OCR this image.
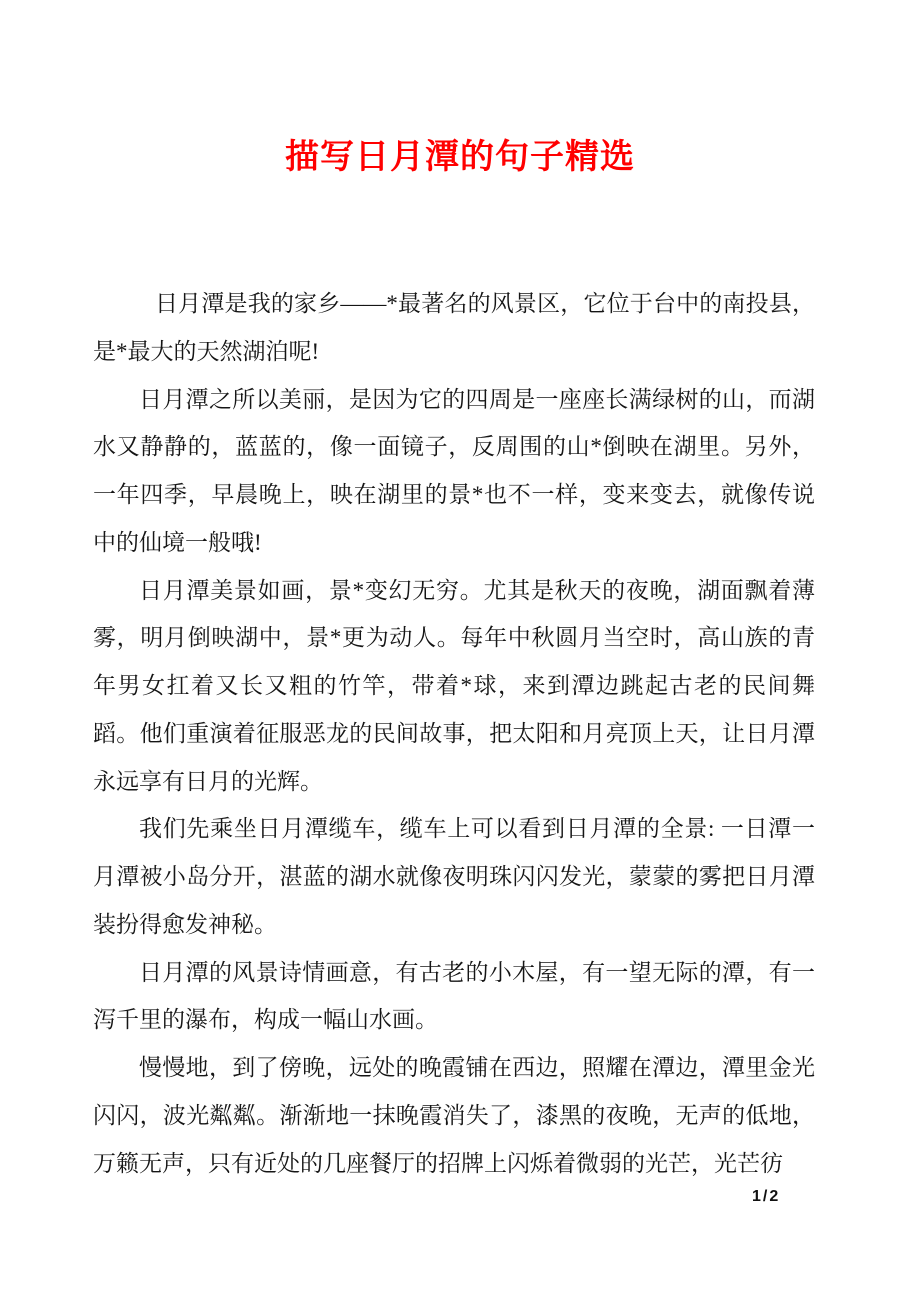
描写日月潭的句子精选

日月潭是我的家乡——*最著名的风景区，它位于台中的南投县，是*最大的天然湖泊呢!

日月潭之所以美丽，是因为它的四周是一座座长满绿树的山，而湖水又静静的，蓝蓝的，像一面镜子，反周围的山*倒映在湖里。另外，一年四季，早晨晚上，映在湖里的景*也不一样，变来变去，就像传说中的仙境一般哦!

日月潭美景如画，景*变幻无穷。尤其是秋天的夜晚，湖面飘着薄雾，明月倒映湖中，景*更为动人。每年中秋圆月当空时，高山族的青年男女扛着又长又粗的竹竿，带着*球，来到潭边跳起古老的民间舞蹈。他们重演着征服恶龙的民间故事，把太阳和月亮顶上天，让日月潭永远享有日月的光辉。

我们先乘坐日月潭缆车，缆车上可以看到日月潭的全景: 一日潭一月潭被小岛分开，湛蓝的湖水就像夜明珠闪闪发光，蒙蒙的雾把日月潭装扮得愈发神秘。

日月潭的风景诗情画意，有古老的小木屋，有一望无际的潭，有一泻千里的瀑布，构成一幅山水画。

慢慢地，到了傍晚，远处的晚霞铺在西边，照耀在潭边，潭里金光闪闪，波光粼粼。渐渐地一抹晚霞消失了，漆黑的夜晚，无声的低地，万籁无声，只有近处的几座餐厅的招牌上闪烁着微弱的光芒，光芒彷

1/2
